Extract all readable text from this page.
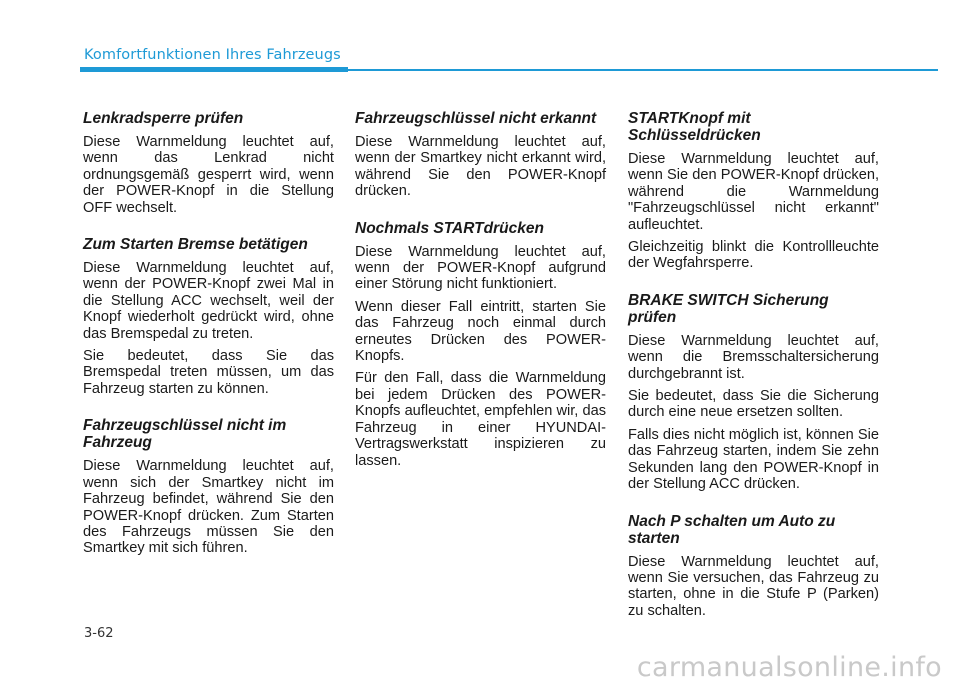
Komfortfunktionen Ihres Fahrzeugs
Lenkradsperre prüfen

Diese Warnmeldung leuchtet auf, wenn das Lenkrad nicht ordnungsgemäß gesperrt wird, wenn der POWER-Knopf in die Stellung OFF wechselt.

Zum Starten Bremse betätigen

Diese Warnmeldung leuchtet auf, wenn der POWER-Knopf zwei Mal in die Stellung ACC wechselt, weil der Knopf wiederholt gedrückt wird, ohne das Bremspedal zu treten.

Sie bedeutet, dass Sie das Bremspedal treten müssen, um das Fahrzeug starten zu können.

Fahrzeugschlüssel nicht im Fahrzeug

Diese Warnmeldung leuchtet auf, wenn sich der Smartkey nicht im Fahrzeug befindet, während Sie den POWER-Knopf drücken. Zum Starten des Fahrzeugs müssen Sie den Smartkey mit sich führen.

Fahrzeugschlüssel nicht erkannt

Diese Warnmeldung leuchtet auf, wenn der Smartkey nicht erkannt wird, während Sie den POWER-Knopf drücken.

Nochmals STARTdrücken

Diese Warnmeldung leuchtet auf, wenn der POWER-Knopf aufgrund einer Störung nicht funktioniert.

Wenn dieser Fall eintritt, starten Sie das Fahrzeug noch einmal durch erneutes Drücken des POWER-Knopfs.

Für den Fall, dass die Warnmeldung bei jedem Drücken des POWER-Knopfs aufleuchtet, empfehlen wir, das Fahrzeug in einer HYUNDAI-Vertragswerkstatt inspizieren zu lassen.

STARTKnopf mit Schlüsseldrücken

Diese Warnmeldung leuchtet auf, wenn Sie den POWER-Knopf drücken, während die Warnmeldung "Fahrzeugschlüssel nicht erkannt" aufleuchtet.

Gleichzeitig blinkt die Kontrollleuchte der Wegfahrsperre.

BRAKE SWITCH Sicherung prüfen

Diese Warnmeldung leuchtet auf, wenn die Bremsschaltersicherung durchgebrannt ist.

Sie bedeutet, dass Sie die Sicherung durch eine neue ersetzen sollten.

Falls dies nicht möglich ist, können Sie das Fahrzeug starten, indem Sie zehn Sekunden lang den POWER-Knopf in der Stellung ACC drücken.

Nach P schalten um Auto zu starten

Diese Warnmeldung leuchtet auf, wenn Sie versuchen, das Fahrzeug zu starten, ohne in die Stufe P (Parken) zu schalten.

3-62
carmanualsonline.info
